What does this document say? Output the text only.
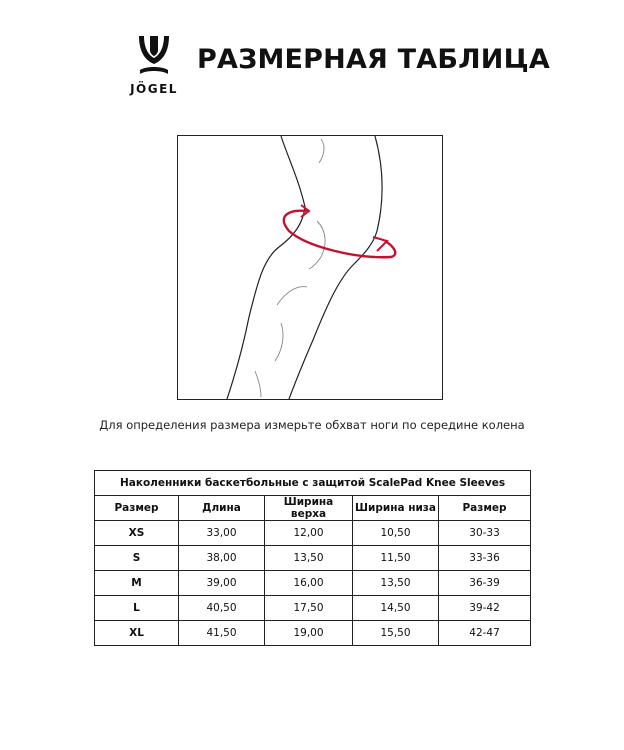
JÖGEL
РАЗМЕРНАЯ ТАБЛИЦА
Для определения размера измерьте обхват ноги по середине колена
Наколенники баскетбольные с защитой ScalePad Knee Sleeves				
Размер	Длина	Ширина верха	Ширина низа	Размер
XS	33,00	12,00	10,50	30-33
S	38,00	13,50	11,50	33-36
M	39,00	16,00	13,50	36-39
L	40,50	17,50	14,50	39-42
XL	41,50	19,00	15,50	42-47
